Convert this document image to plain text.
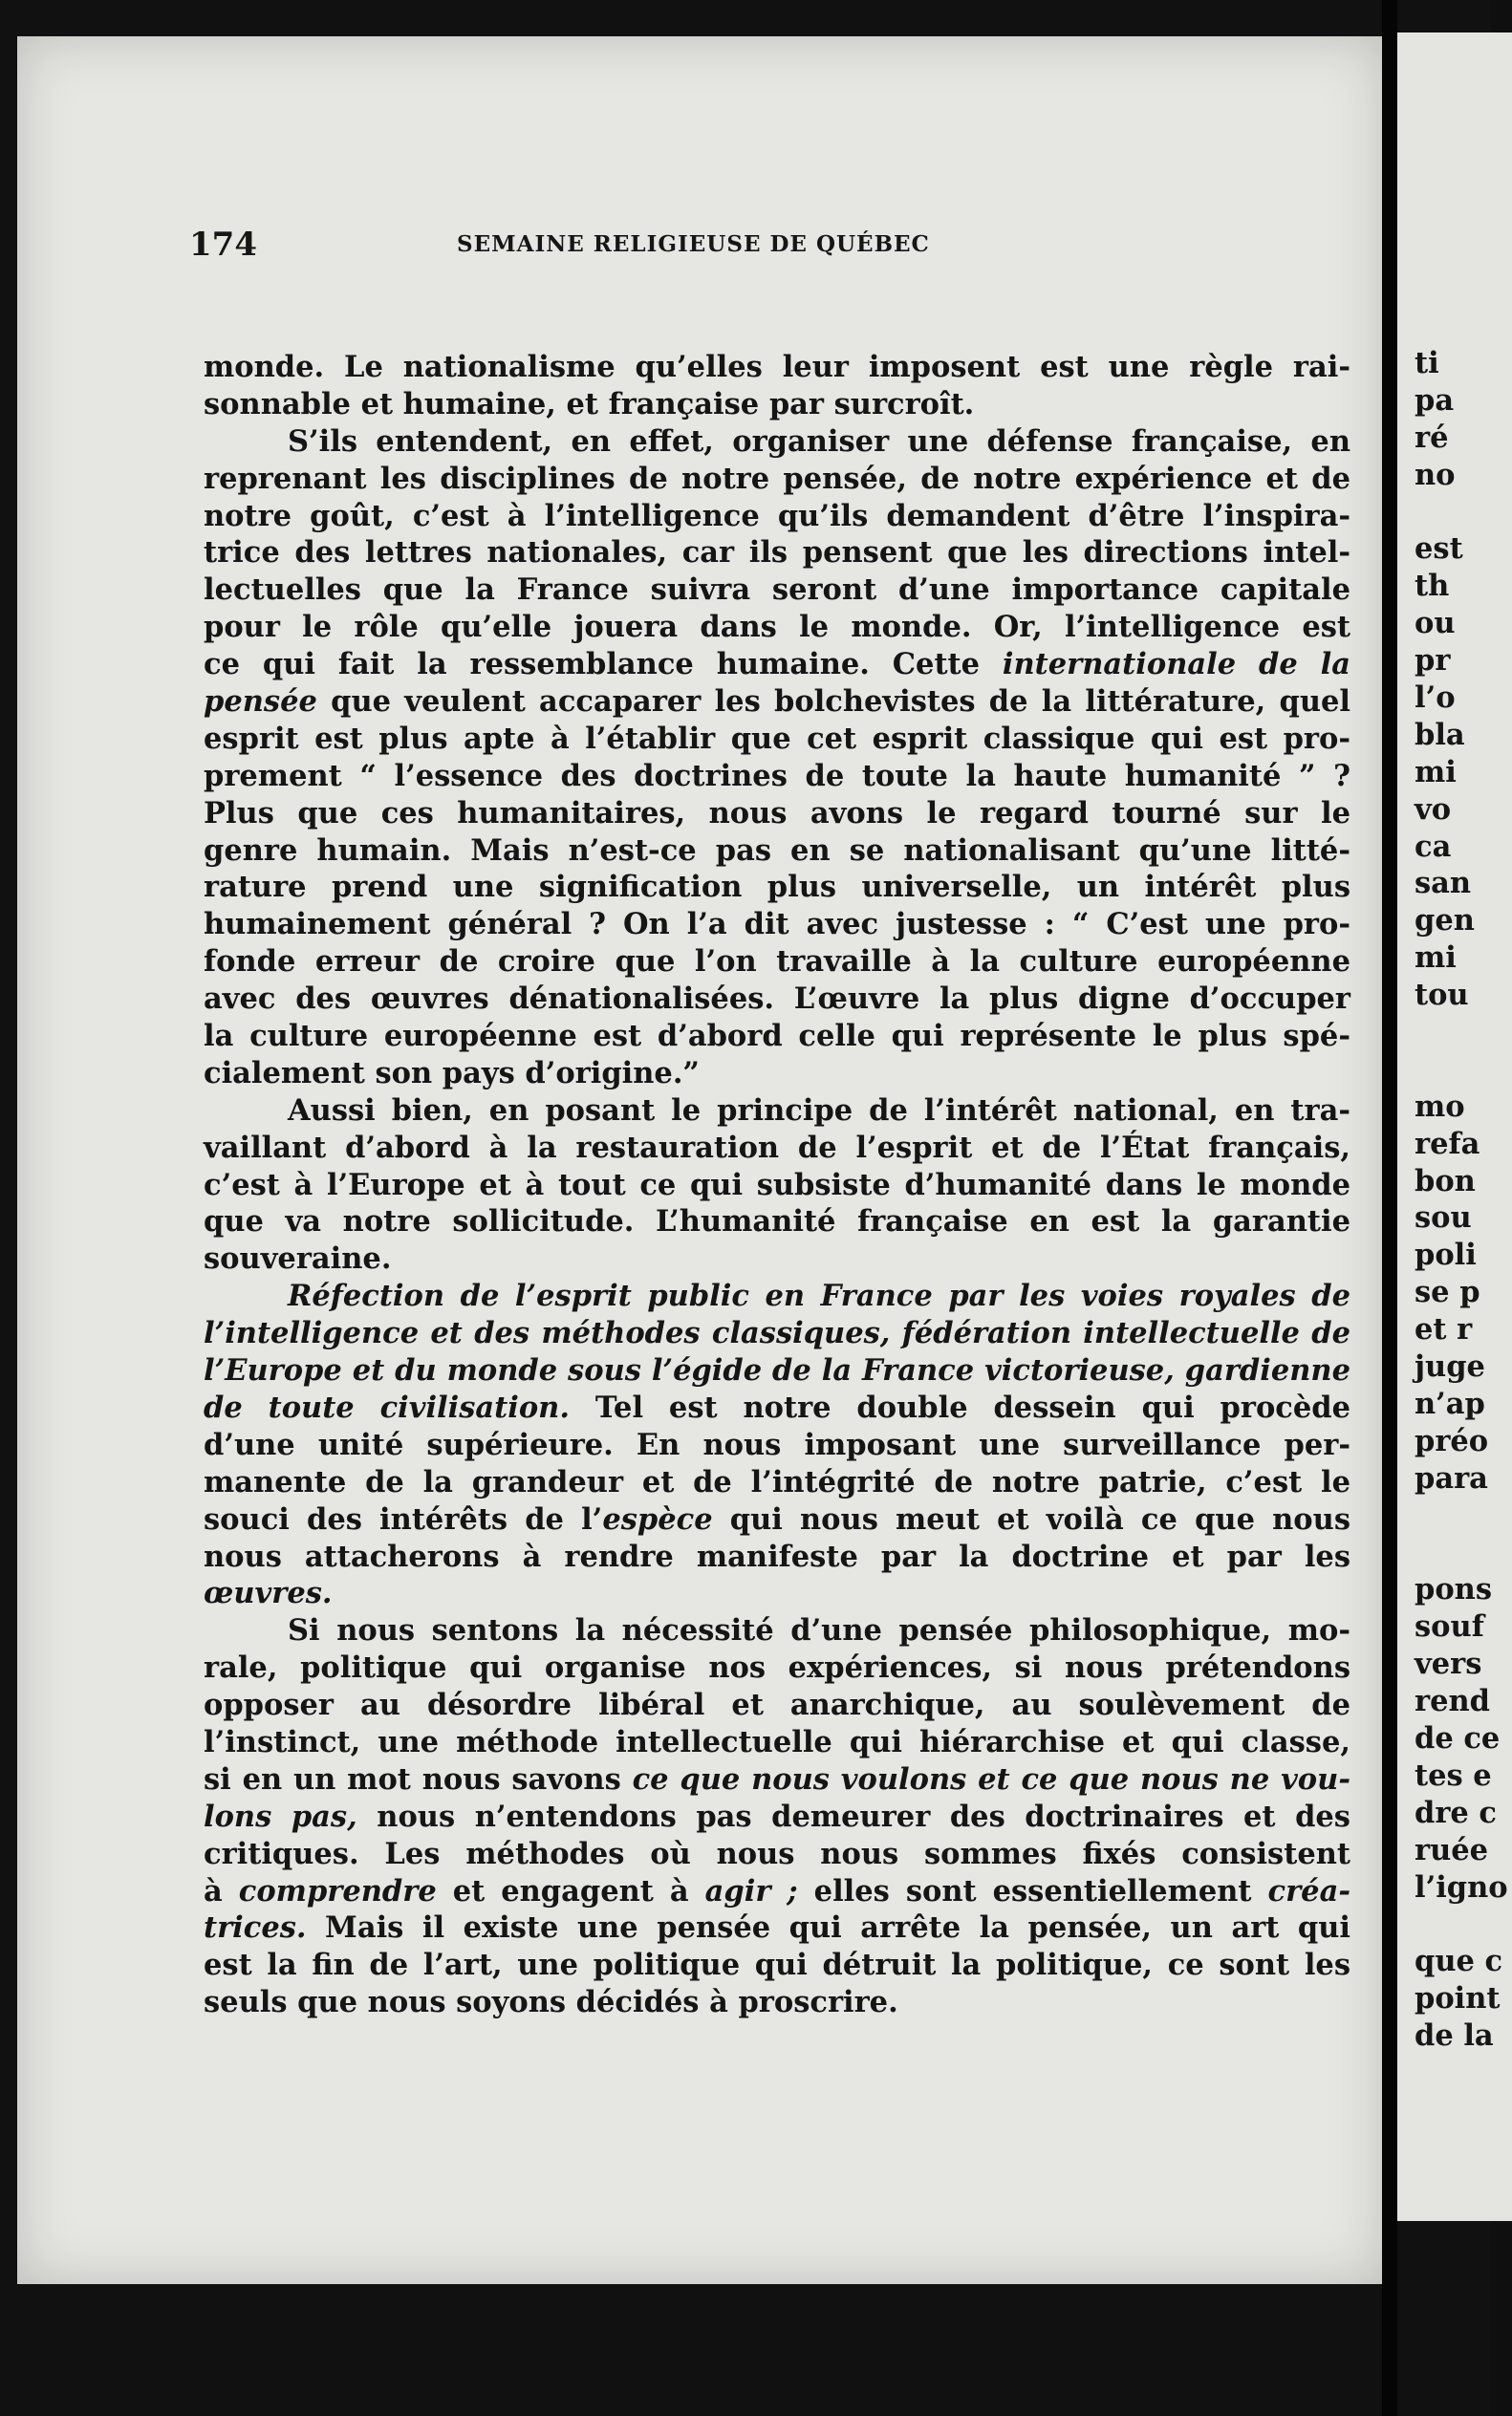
174	SEMAINE RELIGIEUSE DE QUÉBEC
monde. Le nationalisme qu’elles leur imposent est une règle rai-
sonnable et humaine, et française par surcroît.
S’ils entendent, en effet, organiser une défense française, en
reprenant les disciplines de notre pensée, de notre expérience et de
notre goût, c’est à l’intelligence qu’ils demandent d’être l’inspira-
trice des lettres nationales, car ils pensent que les directions intel-
lectuelles que la France suivra seront d’une importance capitale
pour le rôle qu’elle jouera dans le monde. Or, l’intelligence est
ce qui fait la ressemblance humaine. Cette internationale de la
pensée que veulent accaparer les bolchevistes de la littérature, quel
esprit est plus apte à l’établir que cet esprit classique qui est pro-
prement “ l’essence des doctrines de toute la haute humanité ” ?
Plus que ces humanitaires, nous avons le regard tourné sur le
genre humain. Mais n’est-ce pas en se nationalisant qu’une litté-
rature prend une signification plus universelle, un intérêt plus
humainement général ? On l’a dit avec justesse : “ C’est une pro-
fonde erreur de croire que l’on travaille à la culture européenne
avec des œuvres dénationalisées. L’œuvre la plus digne d’occuper
la culture européenne est d’abord celle qui représente le plus spé-
cialement son pays d’origine.”
Aussi bien, en posant le principe de l’intérêt national, en tra-
vaillant d’abord à la restauration de l’esprit et de l’État français,
c’est à l’Europe et à tout ce qui subsiste d’humanité dans le monde
que va notre sollicitude. L’humanité française en est la garantie
souveraine.
Réfection de l’esprit public en France par les voies royales de
l’intelligence et des méthodes classiques, fédération intellectuelle de
l’Europe et du monde sous l’égide de la France victorieuse, gardienne
de toute civilisation. Tel est notre double dessein qui procède
d’une unité supérieure. En nous imposant une surveillance per-
manente de la grandeur et de l’intégrité de notre patrie, c’est le
souci des intérêts de l’espèce qui nous meut et voilà ce que nous
nous attacherons à rendre manifeste par la doctrine et par les
œuvres.
Si nous sentons la nécessité d’une pensée philosophique, mo-
rale, politique qui organise nos expériences, si nous prétendons
opposer au désordre libéral et anarchique, au soulèvement de
l’instinct, une méthode intellectuelle qui hiérarchise et qui classe,
si en un mot nous savons ce que nous voulons et ce que nous ne vou-
lons pas, nous n’entendons pas demeurer des doctrinaires et des
critiques. Les méthodes où nous nous sommes fixés consistent
à comprendre et engagent à agir ; elles sont essentiellement créa-
trices. Mais il existe une pensée qui arrête la pensée, un art qui
est la fin de l’art, une politique qui détruit la politique, ce sont les
seuls que nous soyons décidés à proscrire.
ti
pa
ré
no
est
th
ou
pr
l’o
bla
mi
vo
ca
san
gen
mi
tou
mo
refa
bon
sou
poli
se p
et r
juge
n’ap
préo
para
pons
souf
vers
rend
de ce
tes e
dre c
ruée
l’igno
que c
point
de la
